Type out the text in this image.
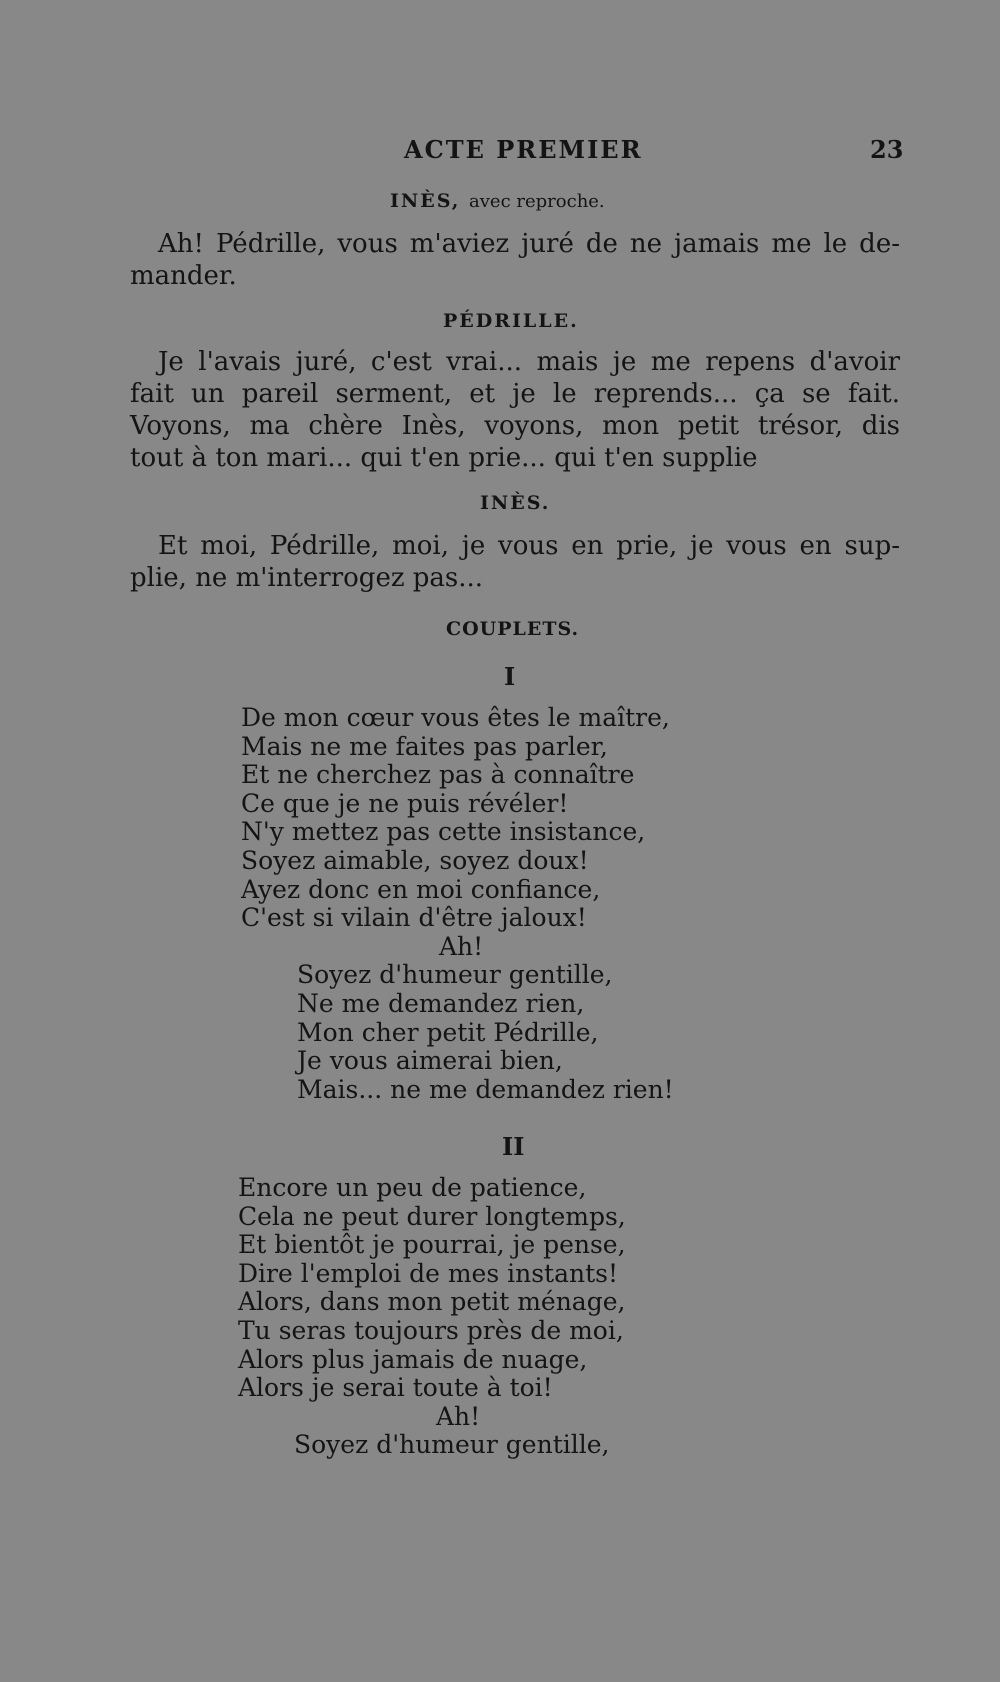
ACTE PREMIER	23
INÈS, avec reproche.
Ah! Pédrille, vous m'aviez juré de ne jamais me le de-
mander.
PÉDRILLE.
Je l'avais juré, c'est vrai... mais je me repens d'avoir
fait un pareil serment, et je le reprends... ça se fait.
Voyons, ma chère Inès, voyons, mon petit trésor, dis
tout à ton mari... qui t'en prie... qui t'en supplie
INÈS.
Et moi, Pédrille, moi, je vous en prie, je vous en sup-
plie, ne m'interrogez pas...
COUPLETS.
I
De mon cœur vous êtes le maître,
Mais ne me faites pas parler,
Et ne cherchez pas à connaître
Ce que je ne puis révéler!
N'y mettez pas cette insistance,
Soyez aimable, soyez doux!
Ayez donc en moi confiance,
C'est si vilain d'être jaloux!
Ah!
Soyez d'humeur gentille,
Ne me demandez rien,
Mon cher petit Pédrille,
Je vous aimerai bien,
Mais... ne me demandez rien!
II
Encore un peu de patience,
Cela ne peut durer longtemps,
Et bientôt je pourrai, je pense,
Dire l'emploi de mes instants!
Alors, dans mon petit ménage,
Tu seras toujours près de moi,
Alors plus jamais de nuage,
Alors je serai toute à toi!
Ah!
Soyez d'humeur gentille,
